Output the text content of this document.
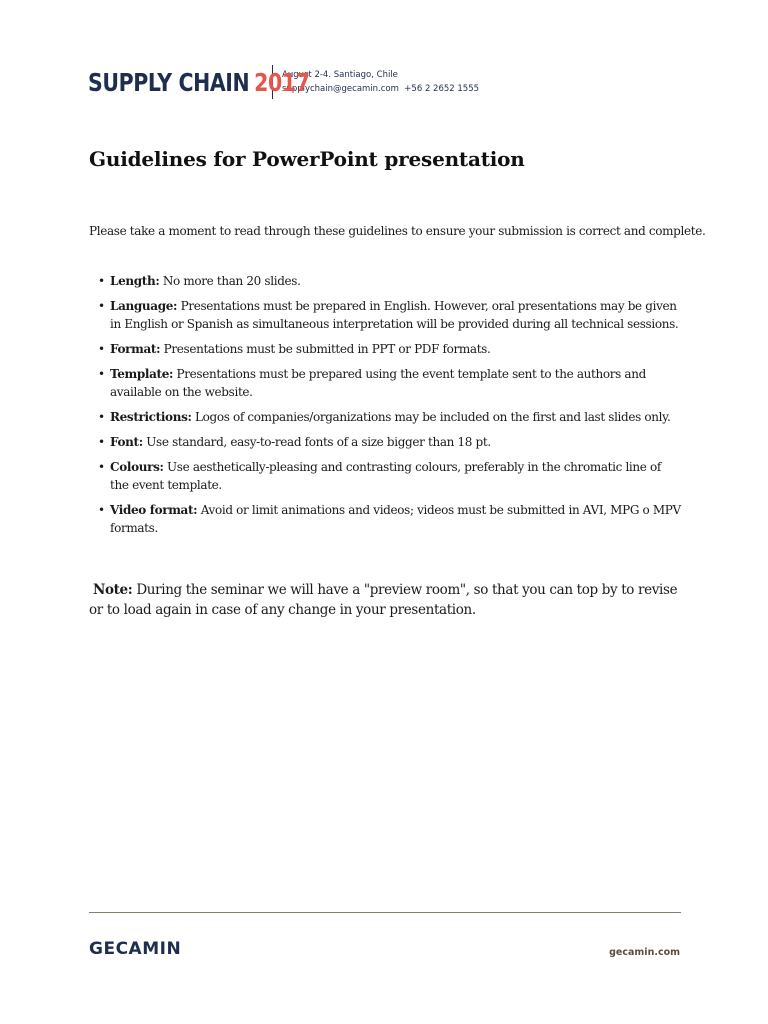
SUPPLY CHAIN 2017
August 2-4. Santiago, Chile
supplychain@gecamin.com  +56 2 2652 1555
Guidelines for PowerPoint presentation

Please take a moment to read through these guidelines to ensure your submission is correct and complete.

• Length: No more than 20 slides.
• Language: Presentations must be prepared in English. However, oral presentations may be given in English or Spanish as simultaneous interpretation will be provided during all technical sessions.
• Format: Presentations must be submitted in PPT or PDF formats.
• Template: Presentations must be prepared using the event template sent to the authors and available on the website.
• Restrictions: Logos of companies/organizations may be included on the first and last slides only.
• Font: Use standard, easy-to-read fonts of a size bigger than 18 pt.
• Colours: Use aesthetically-pleasing and contrasting colours, preferably in the chromatic line of the event template.
• Video format: Avoid or limit animations and videos; videos must be submitted in AVI, MPG o MPV formats.

Note: During the seminar we will have a "preview room", so that you can top by to revise or to load again in case of any change in your presentation.

GECAMIN	gecamin.com
